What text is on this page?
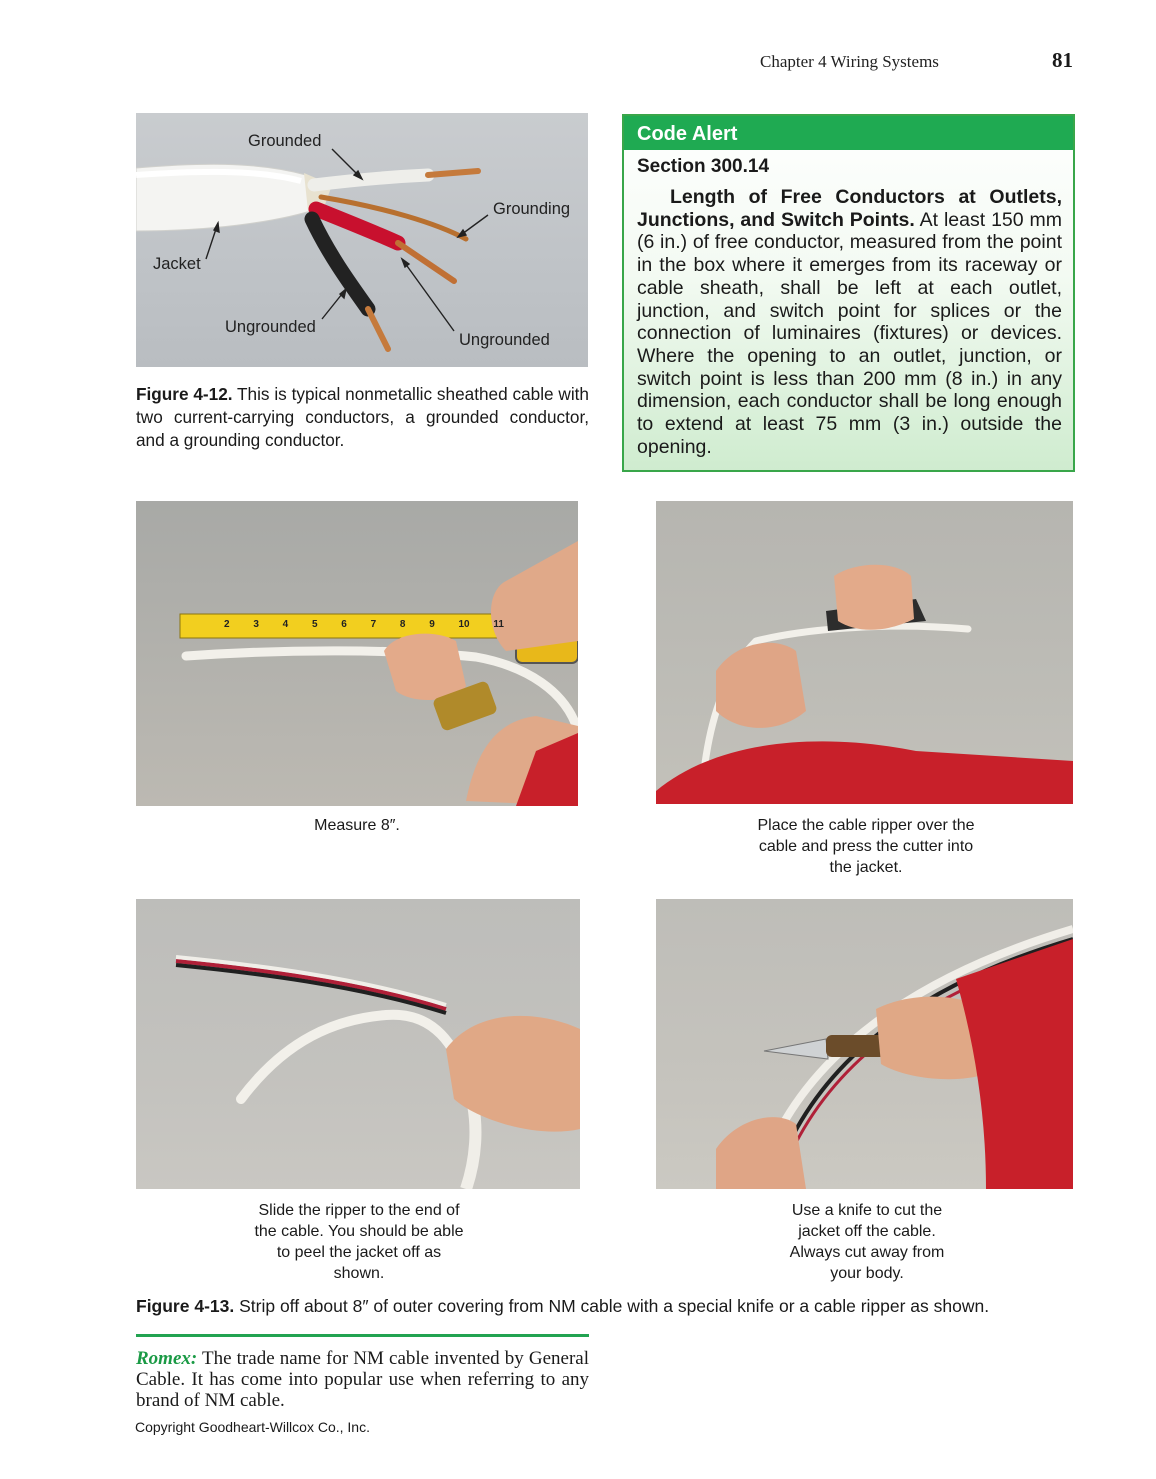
Chapter 4 Wiring Systems	81
Grounded
Grounding
Jacket
Ungrounded
Ungrounded
Figure 4-12. This is typical nonmetallic sheathed cable with two current-carrying conductors, a grounded conductor, and a grounding conductor.
Code Alert
Section 300.14
Length of Free Conductors at Outlets, Junctions, and Switch Points. At least 150 mm (6 in.) of free conductor, measured from the point in the box where it emerges from its raceway or cable sheath, shall be left at each outlet, junction, and switch point for splices or the connection of luminaires (fixtures) or devices. Where the opening to an outlet, junction, or switch point is less than 200 mm (8 in.) in any dimension, each conductor shall be long enough to extend at least 75 mm (3 in.) outside the opening.
2 3 4 5 6 7 8 9 10 11
Measure 8″.	Place the cable ripper over the cable and press the cutter into the jacket.
Slide the ripper to the end of the cable. You should be able to peel the jacket off as shown.
Use a knife to cut the jacket off the cable. Always cut away from your body.
Figure 4-13. Strip off about 8″ of outer covering from NM cable with a special knife or a cable ripper as shown.
Romex: The trade name for NM cable invented by General Cable. It has come into popular use when referring to any brand of NM cable.
Copyright Goodheart-Willcox Co., Inc.
